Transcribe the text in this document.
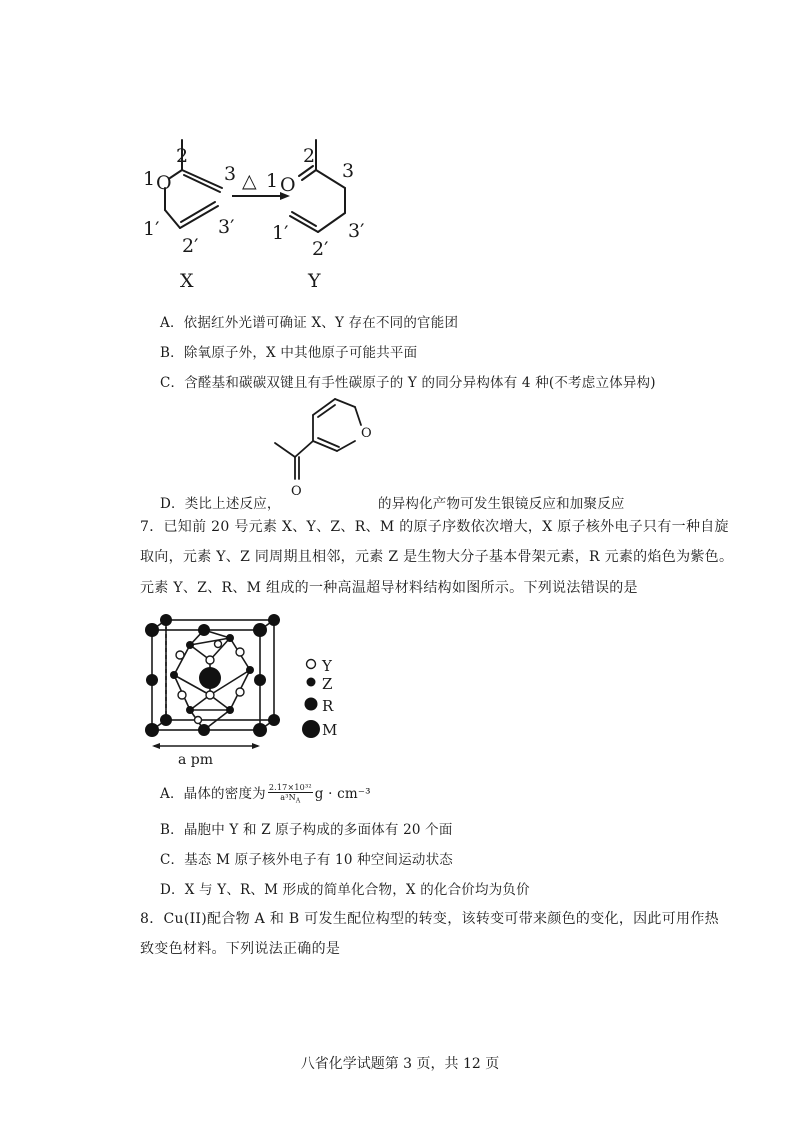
△
1 O
2
3
1′
2′
3′
X
1 O
2
3
1′
2′
3′
Y
A．依据红外光谱可确证 X、Y 存在不同的官能团
B．除氧原子外，X 中其他原子可能共平面
C．含醛基和碳碳双键且有手性碳原子的 Y 的同分异构体有 4 种(不考虑立体异构)
O
O
D．类比上述反应，	的异构化产物可发生银镜反应和加聚反应
7．已知前 20 号元素 X、Y、Z、R、M 的原子序数依次增大，X 原子核外电子只有一种自旋
取向，元素 Y、Z 同周期且相邻，元素 Z 是生物大分子基本骨架元素，R 元素的焰色为紫色。
元素 Y、Z、R、M 组成的一种高温超导材料结构如图所示。下列说法错误的是
a pm
Y
Z
R
M
A．晶体的密度为 $\frac{\text{2.17×10³²}}{a^3N_A}$ g · cm⁻³
B．晶胞中 Y 和 Z 原子构成的多面体有 20 个面
C．基态 M 原子核外电子有 10 种空间运动状态
D．X 与 Y、R、M 形成的简单化合物，X 的化合价均为负价
8．Cu(II)配合物 A 和 B 可发生配位构型的转变，该转变可带来颜色的变化，因此可用作热
致变色材料。下列说法正确的是
八省化学试题第 3 页，共 12 页
